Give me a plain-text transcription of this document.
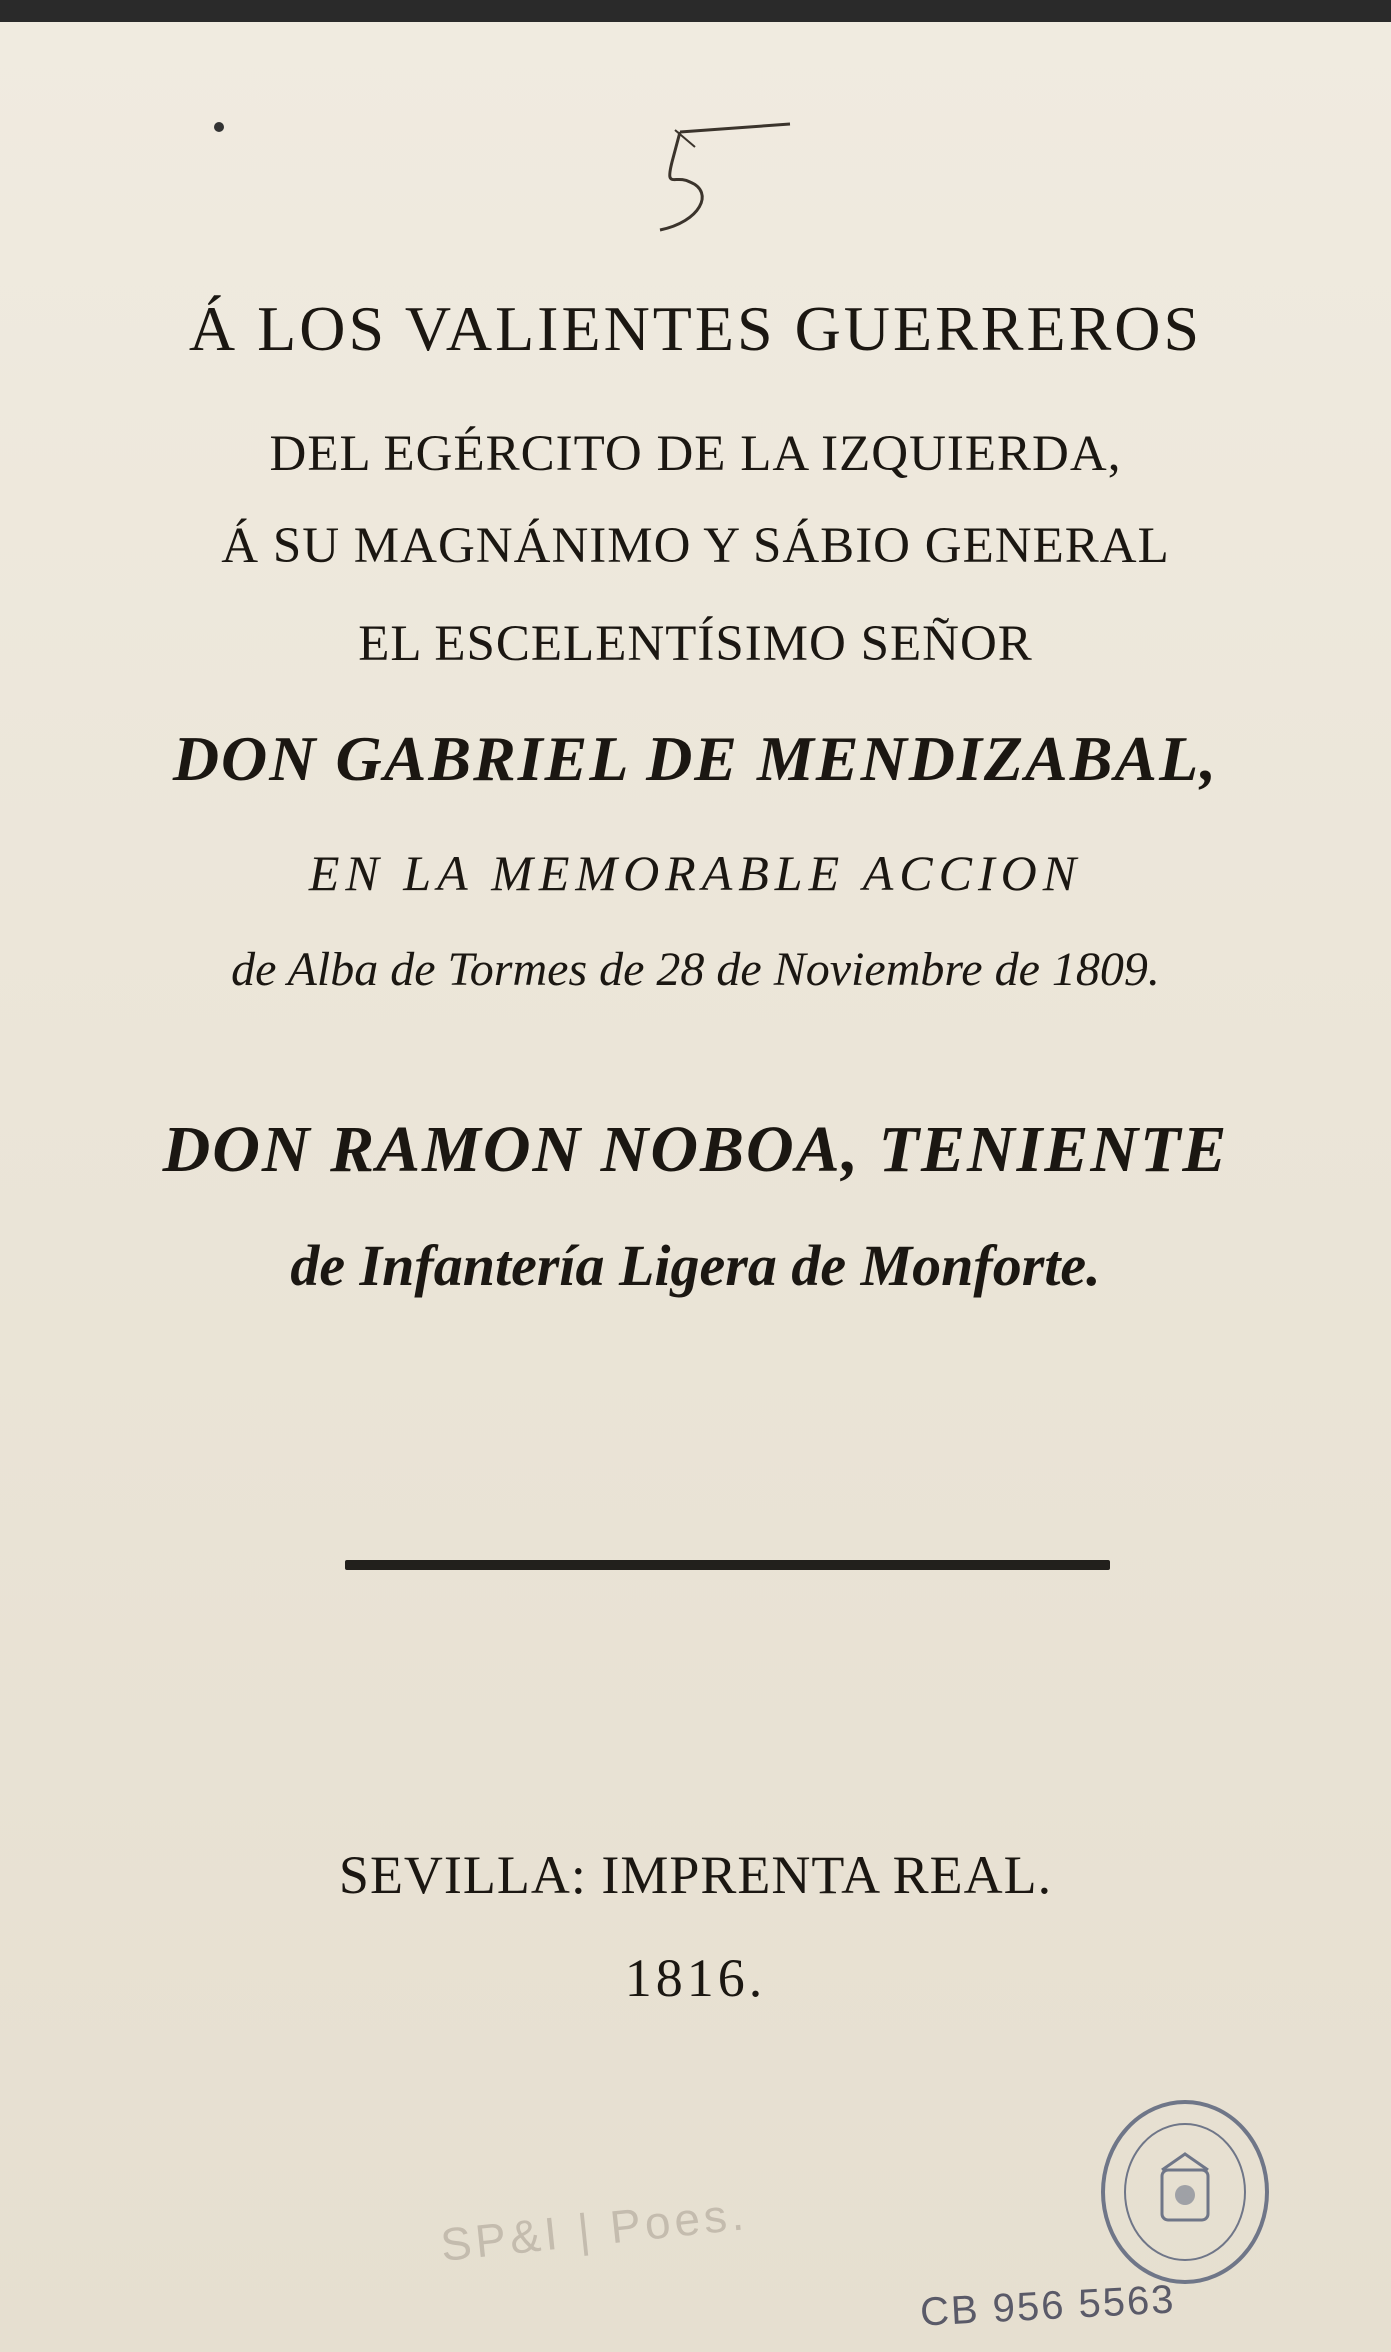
Á LOS VALIENTES GUERREROS
DEL EGÉRCITO DE LA IZQUIERDA,
Á SU MAGNÁNIMO Y SÁBIO GENERAL
EL ESCELENTÍSIMO SEÑOR
DON GABRIEL DE MENDIZABAL,
EN LA MEMORABLE ACCION
de Alba de Tormes de 28 de Noviembre de 1809.
DON RAMON NOBOA, TENIENTE
de Infantería Ligera de Monforte.
SEVILLA: IMPRENTA REAL.
1816.
SP&I | Poes.
CB 956 5563
